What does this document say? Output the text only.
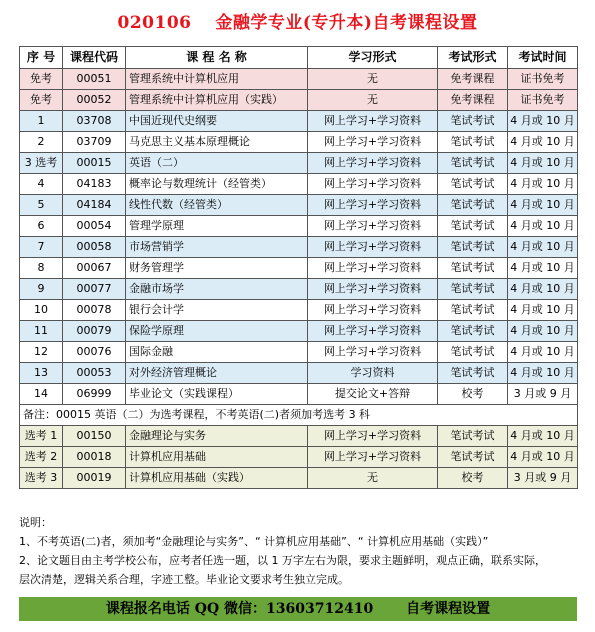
020106　 金融学专业(专升本)自考课程设置
序 号	课程代码	课 程 名 称	学习形式	考试形式	考试时间
免考	00051	管理系统中计算机应用	无	免考课程	证书免考
免考	00052	管理系统中计算机应用（实践）	无	免考课程	证书免考
1	03708	中国近现代史纲要	网上学习+学习资料	笔试考试	4 月或 10 月
2	03709	马克思主义基本原理概论	网上学习+学习资料	笔试考试	4 月或 10 月
3 选考	00015	英语（二）	网上学习+学习资料	笔试考试	4 月或 10 月
4	04183	概率论与数理统计（经管类）	网上学习+学习资料	笔试考试	4 月或 10 月
5	04184	线性代数（经管类）	网上学习+学习资料	笔试考试	4 月或 10 月
6	00054	管理学原理	网上学习+学习资料	笔试考试	4 月或 10 月
7	00058	市场营销学	网上学习+学习资料	笔试考试	4 月或 10 月
8	00067	财务管理学	网上学习+学习资料	笔试考试	4 月或 10 月
9	00077	金融市场学	网上学习+学习资料	笔试考试	4 月或 10 月
10	00078	银行会计学	网上学习+学习资料	笔试考试	4 月或 10 月
11	00079	保险学原理	网上学习+学习资料	笔试考试	4 月或 10 月
12	00076	国际金融	网上学习+学习资料	笔试考试	4 月或 10 月
13	00053	对外经济管理概论	学习资料	笔试考试	4 月或 10 月
14	06999	毕业论文（实践课程）	提交论文+答辩	校考	3 月或 9 月
备注：00015 英语（二）为选考课程，不考英语(二)者须加考选考 3 科					
选考 1	00150	金融理论与实务	网上学习+学习资料	笔试考试	4 月或 10 月
选考 2	00018	计算机应用基础	网上学习+学习资料	笔试考试	4 月或 10 月
选考 3	00019	计算机应用基础（实践）	无	校考	3 月或 9 月
说明：
1、不考英语(二)者，须加考“金融理论与实务”、“ 计算机应用基础”、“ 计算机应用基础（实践）”
2、论文题目由主考学校公布，应考者任选一题，以 1 万字左右为限，要求主题鲜明，观点正确，联系实际，
层次清楚，逻辑关系合理，字迹工整。毕业论文要求考生独立完成。
课程报名电话 QQ 微信：13603712410　　 自考课程设置
